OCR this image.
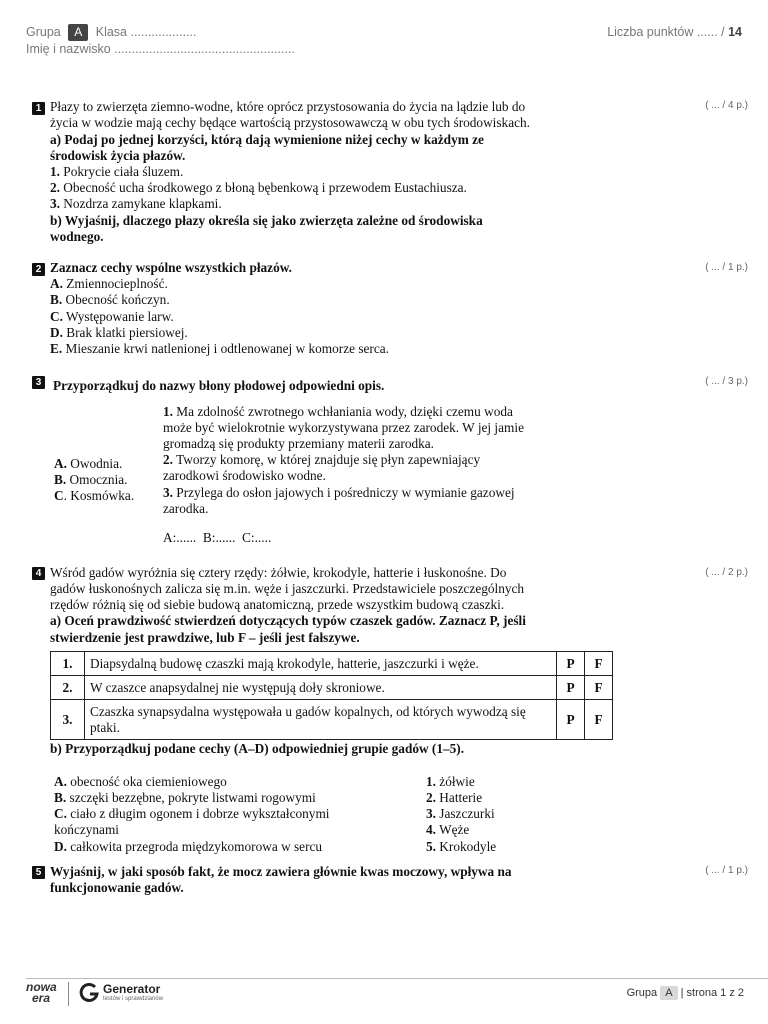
Grupa A Klasa ...................
Imię i nazwisko ....................................................
Liczba punktów ...... / 14
1	( ... / 4 p.)
Płazy to zwierzęta ziemno-wodne, które oprócz przystosowania do życia na lądzie lub do
życia w wodzie mają cechy będące wartością przystosowawczą w obu tych środowiskach.
a) Podaj po jednej korzyści, którą dają wymienione niżej cechy w każdym ze
środowisk życia płazów.
1. Pokrycie ciała śluzem.
2. Obecność ucha środkowego z błoną bębenkową i przewodem Eustachiusza.
3. Nozdrza zamykane klapkami.
b) Wyjaśnij, dlaczego płazy określa się jako zwierzęta zależne od środowiska
wodnego.
2	( ... / 1 p.)
Zaznacz cechy wspólne wszystkich płazów.
A. Zmiennocieplność.
B. Obecność kończyn.
C. Występowanie larw.
D. Brak klatki piersiowej.
E. Mieszanie krwi natlenionej i odtlenowanej w komorze serca.
3	( ... / 3 p.)
Przyporządkuj do nazwy błony płodowej odpowiedni opis.
A. Owodnia.
B. Omocznia.
C. Kosmówka.
1. Ma zdolność zwrotnego wchłaniania wody, dzięki czemu woda
może być wielokrotnie wykorzystywana przez zarodek. W jej jamie
gromadzą się produkty przemiany materii zarodka.
2. Tworzy komorę, w której znajduje się płyn zapewniający
zarodkowi środowisko wodne.
3. Przylega do osłon jajowych i pośredniczy w wymianie gazowej
zarodka.
A:......  B:......  C:.....
4	( ... / 2 p.)
Wśród gadów wyróżnia się cztery rzędy: żółwie, krokodyle, hatterie i łuskonośne. Do
gadów łuskonośnych zalicza się m.in. węże i jaszczurki. Przedstawiciele poszczególnych
rzędów różnią się od siebie budową anatomiczną, przede wszystkim budową czaszki.
a) Oceń prawdziwość stwierdzeń dotyczących typów czaszek gadów. Zaznacz P, jeśli
stwierdzenie jest prawdziwe, lub F – jeśli jest fałszywe.
1.	Diapsydalną budowę czaszki mają krokodyle, hatterie, jaszczurki i węże.	P	F
2.	W czaszce anapsydalnej nie występują doły skroniowe.	P	F
3.	Czaszka synapsydalna występowała u gadów kopalnych, od których wywodzą się ptaki.	P	F
b) Przyporządkuj podane cechy (A–D) odpowiedniej grupie gadów (1–5).
A. obecność oka ciemieniowego
B. szczęki bezzębne, pokryte listwami rogowymi
C. ciało z długim ogonem i dobrze wykształconymi
kończynami
D. całkowita przegroda międzykomorowa w sercu
1. żółwie
2. Hatterie
3. Jaszczurki
4. Węże
5. Krokodyle
5	( ... / 1 p.)
Wyjaśnij, w jaki sposób fakt, że mocz zawiera głównie kwas moczowy, wpływa na
funkcjonowanie gadów.
nowa
era
Generator
testów i sprawdzianów	Grupa A | strona 1 z 2
